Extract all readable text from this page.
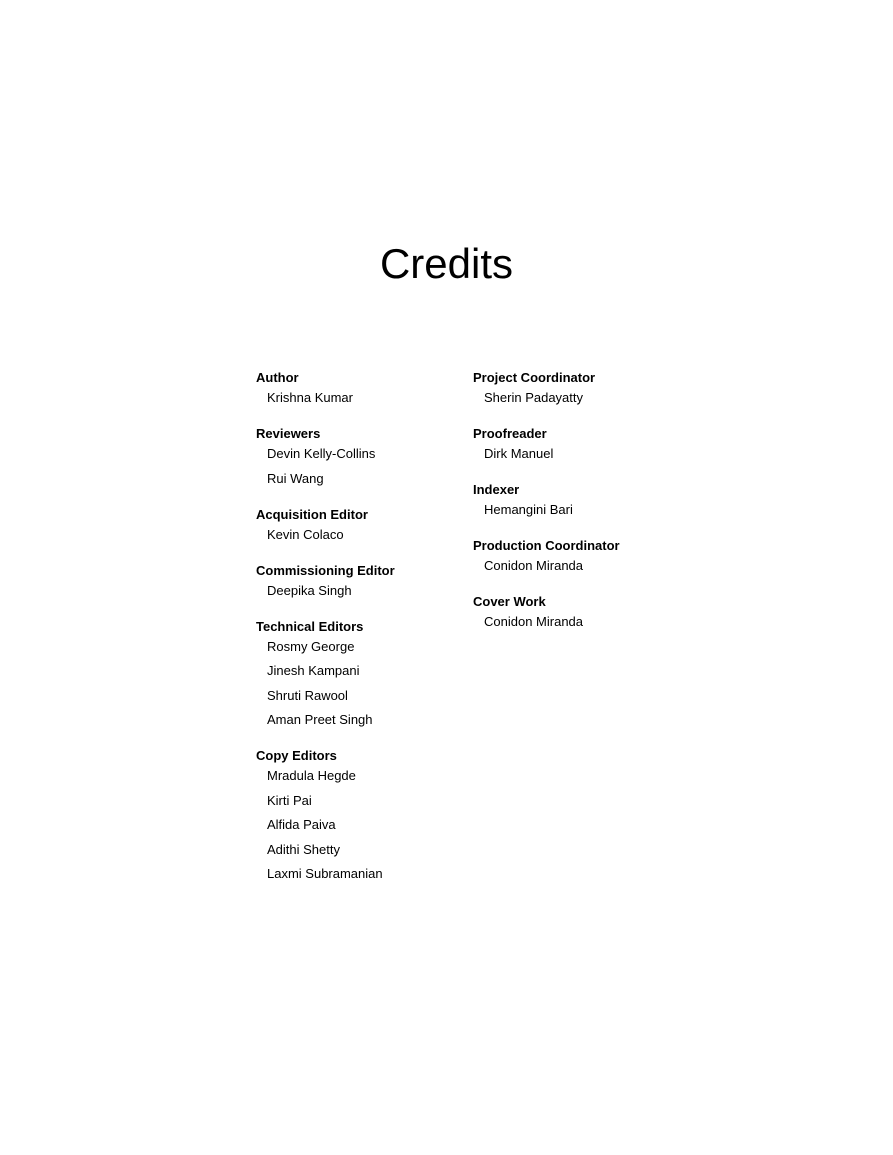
Credits
Author
Krishna Kumar
Reviewers
Devin Kelly-Collins
Rui Wang
Acquisition Editor
Kevin Colaco
Commissioning Editor
Deepika Singh
Technical Editors
Rosmy George
Jinesh Kampani
Shruti Rawool
Aman Preet Singh
Copy Editors
Mradula Hegde
Kirti Pai
Alfida Paiva
Adithi Shetty
Laxmi Subramanian
Project Coordinator
Sherin Padayatty
Proofreader
Dirk Manuel
Indexer
Hemangini Bari
Production Coordinator
Conidon Miranda
Cover Work
Conidon Miranda
